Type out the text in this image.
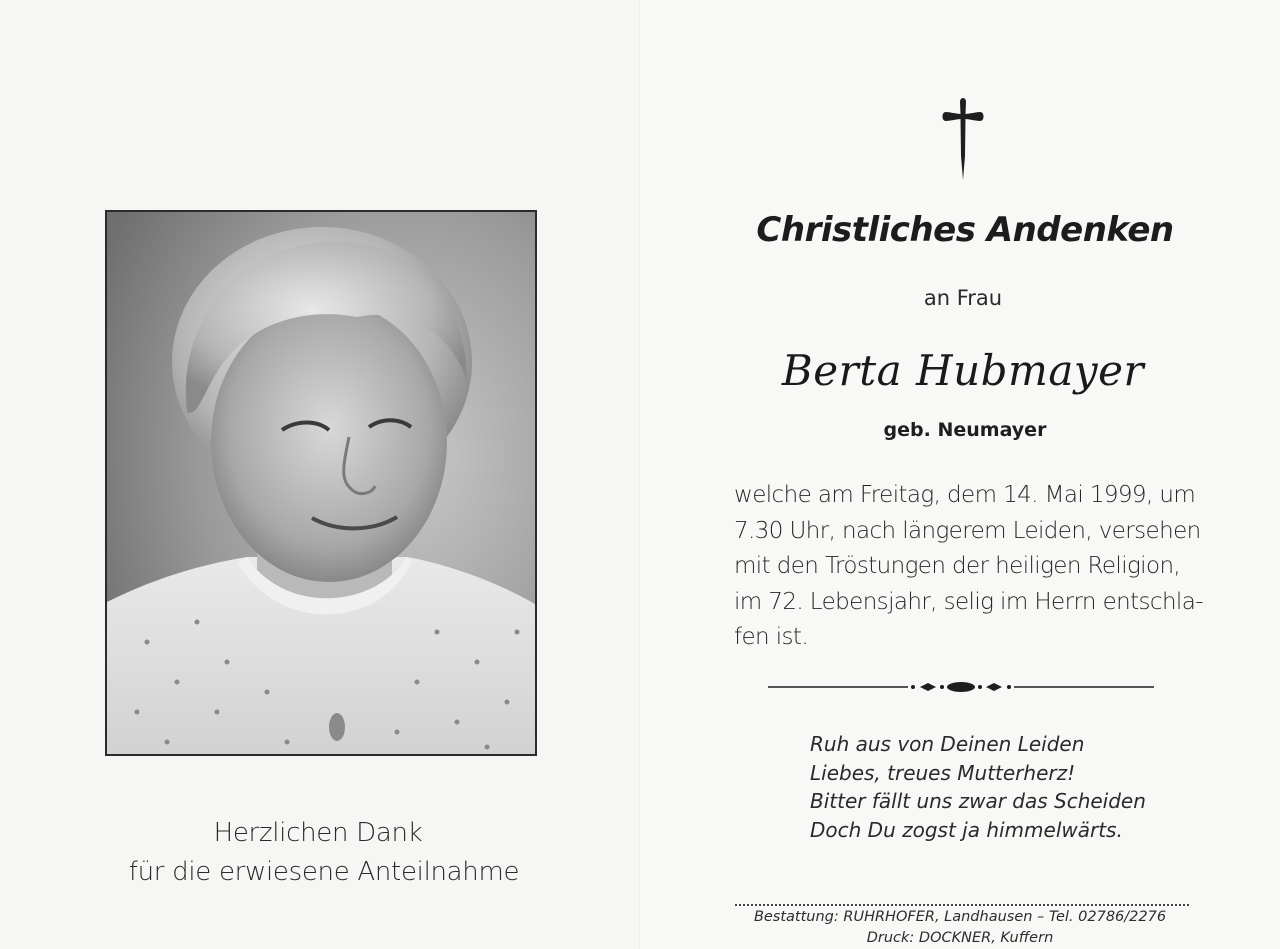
Herzlichen Dank
für die erwiesene Anteilnahme
Christliches Andenken
an Frau
Berta Hubmayer
geb. Neumayer
welche am Freitag, dem 14. Mai 1999, um
7.30 Uhr, nach längerem Leiden, versehen
mit den Tröstungen der heiligen Religion,
im 72. Lebensjahr, selig im Herrn entschla-
fen ist.
Ruh aus von Deinen Leiden
Liebes, treues Mutterherz!
Bitter fällt uns zwar das Scheiden
Doch Du zogst ja himmelwärts.
Bestattung: RUHRHOFER, Landhausen – Tel. 02786/2276
Druck: DOCKNER, Kuffern
